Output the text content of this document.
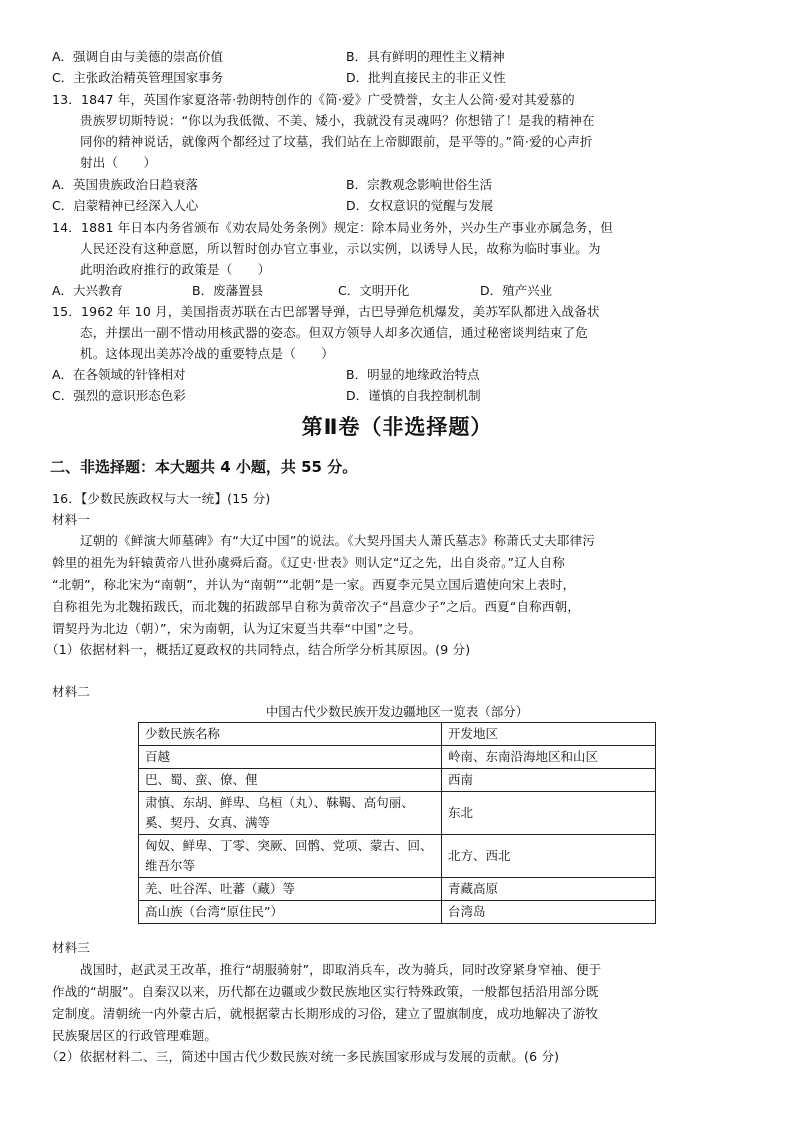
A．强调自由与美德的崇高价值	B．具有鲜明的理性主义精神
C．主张政治精英管理国家事务	D．批判直接民主的非正义性
13．1847 年，英国作家夏洛蒂·勃朗特创作的《简·爱》广受赞誉，女主人公简·爱对其爱慕的
贵族罗切斯特说：“你以为我低微、不美、矮小，我就没有灵魂吗？你想错了！是我的精神在
同你的精神说话，就像两个都经过了坟墓，我们站在上帝脚跟前，是平等的。”简·爱的心声折
射出（　　）
A．英国贵族政治日趋衰落	B．宗教观念影响世俗生活
C．启蒙精神已经深入人心	D．女权意识的觉醒与发展
14．1881 年日本内务省颁布《劝农局处务条例》规定：除本局业务外，兴办生产事业亦属急务，但
人民还没有这种意愿，所以暂时创办官立事业，示以实例，以诱导人民，故称为临时事业。为
此明治政府推行的政策是（　　）
A．大兴教育	B．废藩置县	C．文明开化	D．殖产兴业
15．1962 年 10 月，美国指责苏联在古巴部署导弹，古巴导弹危机爆发，美苏军队都进入战备状
态，并摆出一副不惜动用核武器的姿态。但双方领导人却多次通信，通过秘密谈判结束了危
机。这体现出美苏冷战的重要特点是（　　）
A．在各领域的针锋相对	B．明显的地缘政治特点
C．强烈的意识形态色彩	D．谨慎的自我控制机制
第Ⅱ卷（非选择题）
二、非选择题：本大题共 4 小题，共 55 分。
16．【少数民族政权与大一统】(15 分)
材料一
辽朝的《鲜演大师墓碑》有“大辽中国”的说法。《大契丹国夫人萧氏墓志》称萧氏丈夫耶律污
斡里的祖先为轩辕黄帝八世孙虞舜后裔。《辽史·世表》则认定“辽之先，出自炎帝。”辽人自称
“北朝”，称北宋为“南朝”，并认为“南朝”“北朝”是一家。西夏李元昊立国后遣使向宋上表时，
自称祖先为北魏拓跋氏，而北魏的拓跋部早自称为黄帝次子“昌意少子”之后。西夏“自称西朝，
谓契丹为北边（朝）”，宋为南朝，认为辽宋夏当共奉“中国”之号。
（1）依据材料一，概括辽夏政权的共同特点，结合所学分析其原因。(9 分)
材料二
中国古代少数民族开发边疆地区一览表（部分）
少数民族名称	开发地区
百越	岭南、东南沿海地区和山区
巴、蜀、蛮、僚、俚	西南
肃慎、东胡、鲜卑、乌桓（丸）、靺鞨、高句丽、奚、契丹、女真、满等	东北
匈奴、鲜卑、丁零、突厥、回鹘、党项、蒙古、回、维吾尔等	北方、西北
羌、吐谷浑、吐蕃（藏）等	青藏高原
高山族（台湾“原住民”）	台湾岛
材料三
战国时，赵武灵王改革，推行“胡服骑射”，即取消兵车，改为骑兵，同时改穿紧身窄袖、便于
作战的“胡服”。自秦汉以来，历代都在边疆或少数民族地区实行特殊政策，一般都包括沿用部分既
定制度。清朝统一内外蒙古后，就根据蒙古长期形成的习俗，建立了盟旗制度，成功地解决了游牧
民族聚居区的行政管理难题。
（2）依据材料二、三，简述中国古代少数民族对统一多民族国家形成与发展的贡献。(6 分)
